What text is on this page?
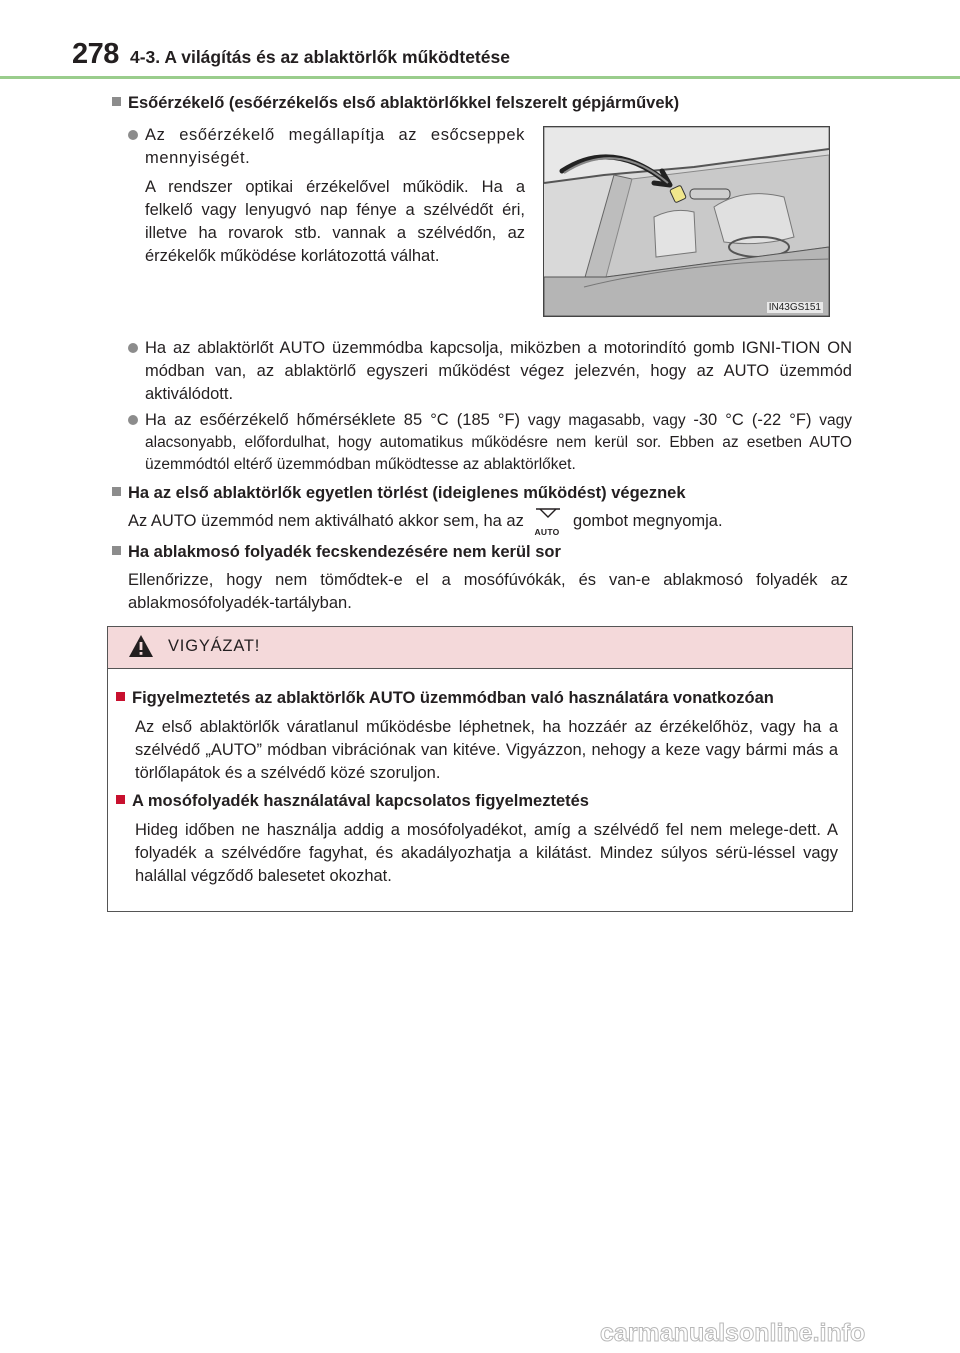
278 4-3. A világítás és az ablaktörlők működtetése
Esőérzékelő (esőérzékelős első ablaktörlőkkel felszerelt gépjárművek)
Az esőérzékelő megállapítja az esőcseppek mennyiségét.
A rendszer optikai érzékelővel működik. Ha a felkelő vagy lenyugvó nap fénye a szélvédőt éri, illetve ha rovarok stb. vannak a szélvédőn, az érzékelők működése korlátozottá válhat.
IN43GS151
Ha az ablaktörlőt AUTO üzemmódba kapcsolja, miközben a motorindító gomb IGNI-TION ON módban van, az ablaktörlő egyszeri működést végez jelezvén, hogy az AUTO üzemmód aktiválódott.
Ha az esőérzékelő hőmérséklete 85 °C (185 °F) vagy magasabb, vagy -30 °C (-22 °F) vagy alacsonyabb, előfordulhat, hogy automatikus működésre nem kerül sor. Ebben az esetben AUTO üzemmódtól eltérő üzemmódban működtesse az ablaktörlőket.
Ha az első ablaktörlők egyetlen törlést (ideiglenes működést) végeznek
Az AUTO üzemmód nem aktiválható akkor sem, ha az
AUTO
gombot megnyomja.
Ha ablakmosó folyadék fecskendezésére nem kerül sor
Ellenőrizze, hogy nem tömődtek-e el a mosófúvókák, és van-e ablakmosó folyadék az ablakmosófolyadék-tartályban.
VIGYÁZAT!
Figyelmeztetés az ablaktörlők AUTO üzemmódban való használatára vonatkozóan
Az első ablaktörlők váratlanul működésbe léphetnek, ha hozzáér az érzékelőhöz, vagy ha a szélvédő „AUTO” módban vibrációnak van kitéve. Vigyázzon, nehogy a keze vagy bármi más a törlőlapátok és a szélvédő közé szoruljon.
A mosófolyadék használatával kapcsolatos figyelmeztetés
Hideg időben ne használja addig a mosófolyadékot, amíg a szélvédő fel nem melege-dett. A folyadék a szélvédőre fagyhat, és akadályozhatja a kilátást. Mindez súlyos sérü-léssel vagy halállal végződő balesetet okozhat.
carmanualsonline.info
